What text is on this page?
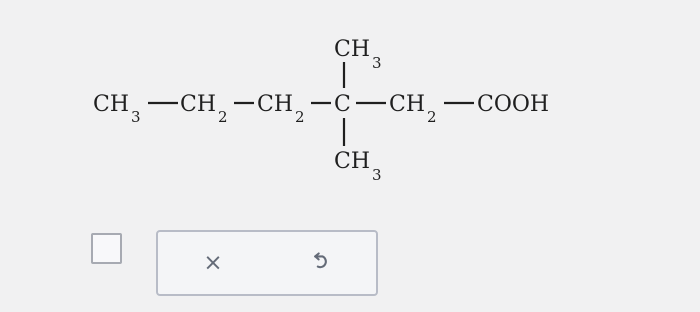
CH 3 CH 2 CH 2 C CH 2 COOH
CH
3
CH
3
×
